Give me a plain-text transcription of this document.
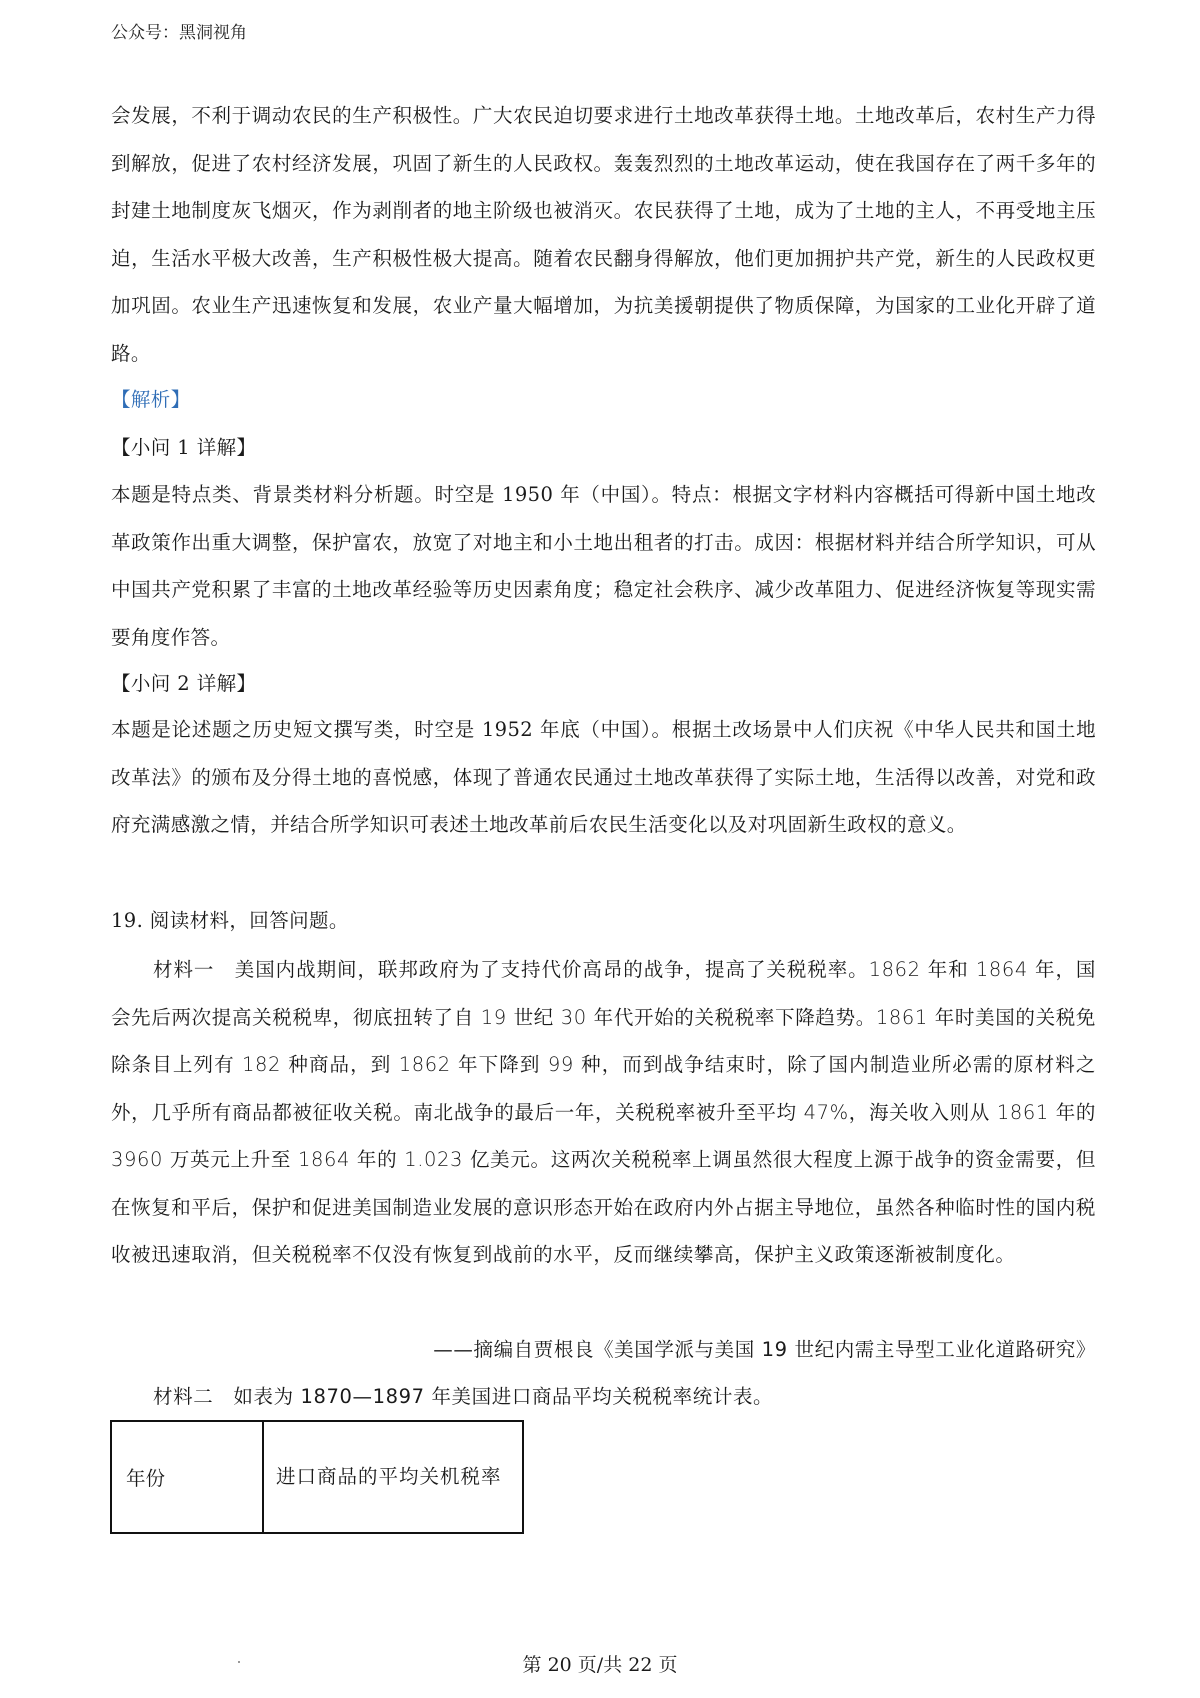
公众号：黑洞视角

会发展，不利于调动农民的生产积极性。广大农民迫切要求进行土地改革获得土地。土地改革后，农村生产力得到解放，促进了农村经济发展，巩固了新生的人民政权。轰轰烈烈的土地改革运动，使在我国存在了两千多年的封建土地制度灰飞烟灭，作为剥削者的地主阶级也被消灭。农民获得了土地，成为了土地的主人，不再受地主压迫，生活水平极大改善，生产积极性极大提高。随着农民翻身得解放，他们更加拥护共产党，新生的人民政权更加巩固。农业生产迅速恢复和发展，农业产量大幅增加，为抗美援朝提供了物质保障，为国家的工业化开辟了道路。

【解析】

【小问 1 详解】

本题是特点类、背景类材料分析题。时空是 1950 年（中国）。特点：根据文字材料内容概括可得新中国土地改革政策作出重大调整，保护富农，放宽了对地主和小土地出租者的打击。成因：根据材料并结合所学知识，可从中国共产党积累了丰富的土地改革经验等历史因素角度；稳定社会秩序、减少改革阻力、促进经济恢复等现实需要角度作答。

【小问 2 详解】

本题是论述题之历史短文撰写类，时空是 1952 年底（中国）。根据土改场景中人们庆祝《中华人民共和国土地改革法》的颁布及分得土地的喜悦感，体现了普通农民通过土地改革获得了实际土地，生活得以改善，对党和政府充满感激之情，并结合所学知识可表述土地改革前后农民生活变化以及对巩固新生政权的意义。

19. 阅读材料，回答问题。

材料一　美国内战期间，联邦政府为了支持代价高昂的战争，提高了关税税率。1862 年和 1864 年，国会先后两次提高关税税卑，彻底扭转了自 19 世纪 30 年代开始的关税税率下降趋势。1861 年时美国的关税免除条目上列有 182 种商品，到 1862 年下降到 99 种，而到战争结束时，除了国内制造业所必需的原材料之外，几乎所有商品都被征收关税。南北战争的最后一年，关税税率被升至平均 47%，海关收入则从 1861 年的 3960 万英元上升至 1864 年的 1.023 亿美元。这两次关税税率上调虽然很大程度上源于战争的资金需要，但在恢复和平后，保护和促进美国制造业发展的意识形态开始在政府内外占据主导地位，虽然各种临时性的国内税收被迅速取消，但关税税率不仅没有恢复到战前的水平，反而继续攀高，保护主义政策逐渐被制度化。

——摘编自贾根良《美国学派与美国 19 世纪内需主导型工业化道路研究》

材料二　如表为 1870—1897 年美国进口商品平均关税税率统计表。

年份	进口商品的平均关机税率
第 20 页/共 22 页
